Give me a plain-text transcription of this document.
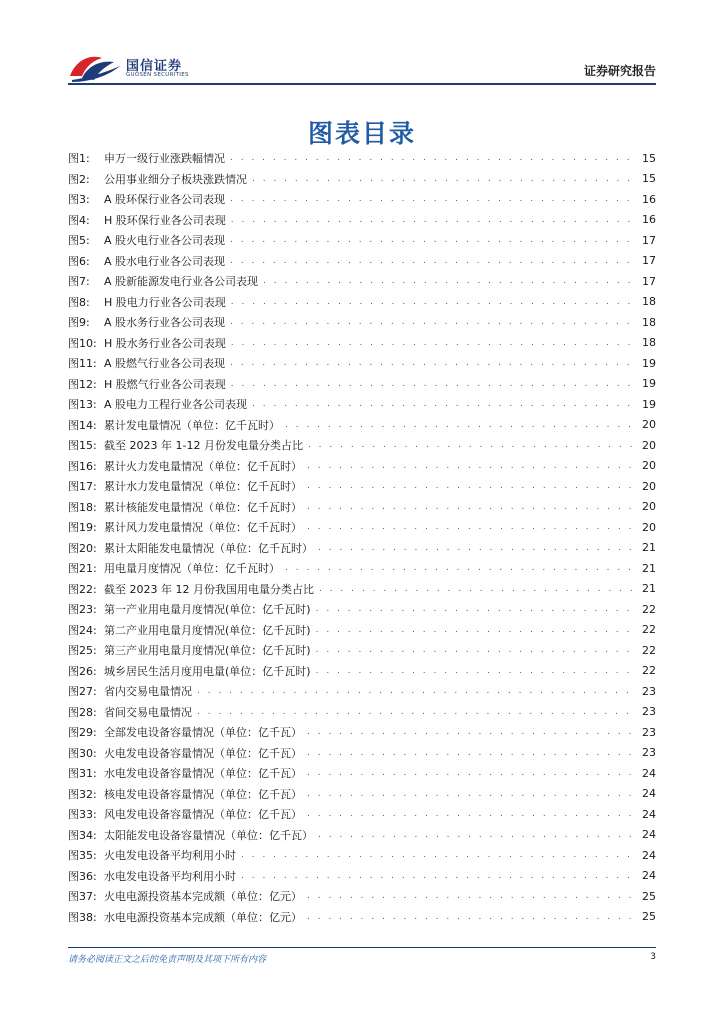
国信证券
GUOSEN SECURITIES	证券研究报告
图表目录
图1:	申万一级行业涨跌幅情况 . . .	15
图2:	公用事业细分子板块涨跌情况 . . .	15
图3:	A 股环保行业各公司表现 . . .	16
图4:	H 股环保行业各公司表现 . . .	16
图5:	A 股火电行业各公司表现 . . .	17
图6:	A 股水电行业各公司表现 . . .	17
图7:	A 股新能源发电行业各公司表现 . . .	17
图8:	H 股电力行业各公司表现 . . .	18
图9:	A 股水务行业各公司表现 . . .	18
图10: H 股水务行业各公司表现 . . .	18
图11: A 股燃气行业各公司表现 . . .	19
图12: H 股燃气行业各公司表现 . . .	19
图13: A 股电力工程行业各公司表现 . . .	19
图14: 累计发电量情况（单位：亿千瓦时） . . .	20
图15: 截至 2023 年 1-12 月份发电量分类占比 . . .	20
图16: 累计火力发电量情况（单位：亿千瓦时） . . .	20
图17: 累计水力发电量情况（单位：亿千瓦时） . . .	20
图18: 累计核能发电量情况（单位：亿千瓦时） . . .	20
图19: 累计风力发电量情况（单位：亿千瓦时） . . .	20
图20: 累计太阳能发电量情况（单位：亿千瓦时） . . .	21
图21: 用电量月度情况（单位：亿千瓦时） . . .	21
图22: 截至 2023 年 12 月份我国用电量分类占比 . . .	21
图23: 第一产业用电量月度情况(单位：亿千瓦时) . . .	22
图24: 第二产业用电量月度情况(单位：亿千瓦时) . . .	22
图25: 第三产业用电量月度情况(单位：亿千瓦时) . . .	22
图26: 城乡居民生活月度用电量(单位：亿千瓦时) . . .	22
图27: 省内交易电量情况 . . .	23
图28: 省间交易电量情况 . . .	23
图29: 全部发电设备容量情况（单位：亿千瓦） . . .	23
图30: 火电发电设备容量情况（单位：亿千瓦） . . .	23
图31: 水电发电设备容量情况（单位：亿千瓦） . . .	24
图32: 核电发电设备容量情况（单位：亿千瓦） . . .	24
图33: 风电发电设备容量情况（单位：亿千瓦） . . .	24
图34: 太阳能发电设备容量情况（单位：亿千瓦） . . .	24
图35: 火电发电设备平均利用小时 . . .	24
图36: 水电发电设备平均利用小时 . . .	24
图37: 火电电源投资基本完成额（单位：亿元） . . .	25
图38: 水电电源投资基本完成额（单位：亿元） . . .	25
请务必阅读正文之后的免责声明及其项下所有内容	3
